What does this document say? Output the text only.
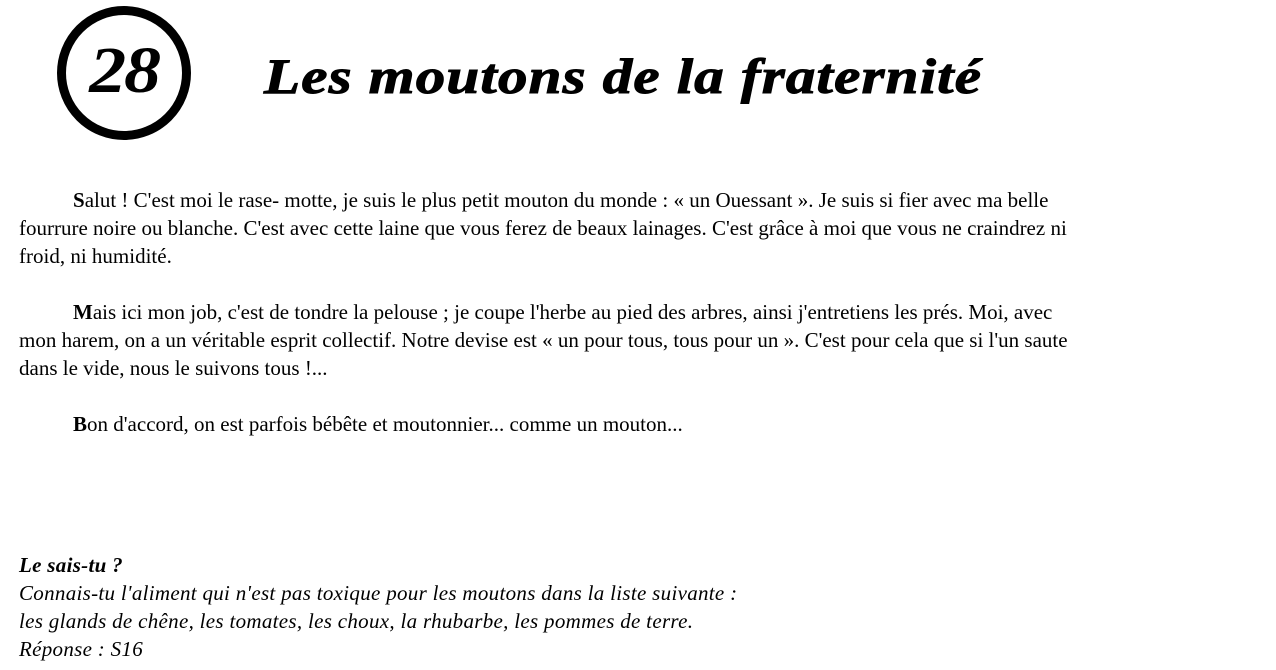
28 Les moutons de la fraternité

Salut ! C'est moi le rase- motte, je suis le plus petit mouton du monde : « un Ouessant ». Je suis si fier avec ma belle fourrure noire ou blanche. C'est avec cette laine que vous ferez de beaux lainages. C'est grâce à moi que vous ne craindrez ni froid, ni humidité.

Mais ici mon job, c'est de tondre la pelouse ; je coupe l'herbe au pied des arbres, ainsi j'entretiens les prés. Moi, avec mon harem, on a un véritable esprit collectif. Notre devise est « un pour tous, tous pour un ». C'est pour cela que si l'un saute dans le vide, nous le suivons tous !...

Bon d'accord, on est parfois bébête et moutonnier... comme un mouton...

Le sais-tu ?
Connais-tu l'aliment qui n'est pas toxique pour les moutons dans la liste suivante :
les glands de chêne, les tomates, les choux, la rhubarbe, les pommes de terre.
Réponse : S16
